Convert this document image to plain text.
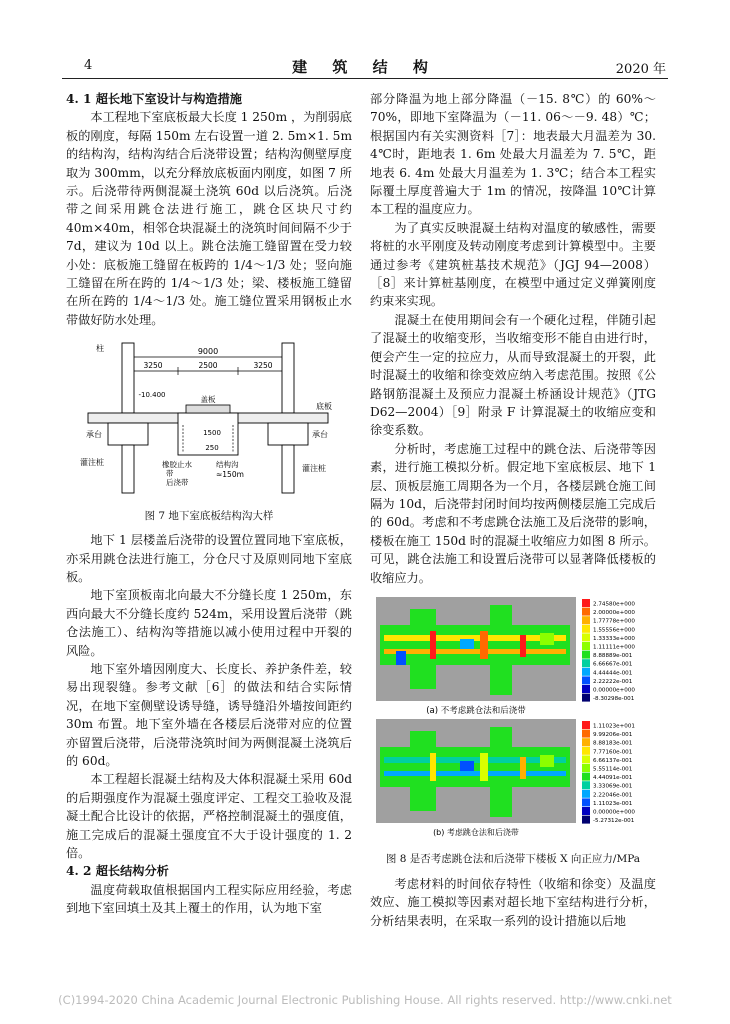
4	建 筑 结 构	2020 年
4. 1 超长地下室设计与构造措施

本工程地下室底板最大长度 1 250m ，为削弱底板的刚度，每隔 150m 左右设置一道 2. 5m×1. 5m 的结构沟，结构沟结合后浇带设置；结构沟侧壁厚度取为 300mm，以充分释放底板面内刚度，如图 7 所示。后浇带待两侧混凝土浇筑 60d 以后浇筑。后浇带之间采用跳仓法进行施工，跳仓区块尺寸约 40m×40m，相邻仓块混凝土的浇筑时间间隔不少于 7d，建议为 10d 以上。跳仓法施工缝留置在受力较小处：底板施工缝留在板跨的 1/4～1/3 处；竖向施工缝留在所在跨的 1/4～1/3 处；梁、楼板施工缝留在所在跨的 1/4～1/3 处。施工缝位置采用钢板止水带做好防水处理。

9000
3250	2500	3250
盖板
-10.400
1500
250
柱
底板
承台	承台
灌注桩
灌注桩
橡胶止水
带
后浇带
结构沟
≈150m
图 7 地下室底板结构沟大样

地下 1 层楼盖后浇带的设置位置同地下室底板，亦采用跳仓法进行施工，分仓尺寸及原则同地下室底板。

地下室顶板南北向最大不分缝长度 1 250m，东西向最大不分缝长度约 524m，采用设置后浇带（跳仓法施工）、结构沟等措施以减小使用过程中开裂的风险。

地下室外墙因刚度大、长度长、养护条件差，较易出现裂缝。参考文献［6］的做法和结合实际情况，在地下室侧壁设诱导缝，诱导缝沿外墙按间距约 30m 布置。地下室外墙在各楼层后浇带对应的位置亦留置后浇带，后浇带浇筑时间为两侧混凝土浇筑后的 60d。

本工程超长混凝土结构及大体积混凝土采用 60d 的后期强度作为混凝土强度评定、工程交工验收及混凝土配合比设计的依据，严格控制混凝土的强度值，施工完成后的混凝土强度宜不大于设计强度的 1. 2 倍。

4. 2 超长结构分析

温度荷载取值根据国内工程实际应用经验，考虑到地下室回填土及其上覆土的作用，认为地下室

部分降温为地上部分降温（－15. 8℃）的 60%～70%，即地下室降温为（－11. 06～－9. 48）℃；根据国内有关实测资料［7］：地表最大月温差为 30. 4℃时，距地表 1. 6m 处最大月温差为 7. 5℃，距地表 6. 4m 处最大月温差为 1. 3℃；结合本工程实际覆土厚度普遍大于 1m 的情况，按降温 10℃计算本工程的温度应力。

为了真实反映混凝土结构对温度的敏感性，需要将桩的水平刚度及转动刚度考虑到计算模型中。主要通过参考《建筑桩基技术规范》（JGJ 94—2008）［8］来计算桩基刚度，在模型中通过定义弹簧刚度约束来实现。

混凝土在使用期间会有一个硬化过程，伴随引起了混凝土的收缩变形，当收缩变形不能自由进行时，便会产生一定的拉应力，从而导致混凝土的开裂，此时混凝土的收缩和徐变效应纳入考虑范围。按照《公路钢筋混凝土及预应力混凝土桥涵设计规范》（JTG D62—2004）［9］附录 F 计算混凝土的收缩应变和徐变系数。

分析时，考虑施工过程中的跳仓法、后浇带等因素，进行施工模拟分析。假定地下室底板层、地下 1 层、顶板层施工周期各为一个月，各楼层跳仓施工间隔为 10d，后浇带封闭时间均按两侧楼层施工完成后的 60d。考虑和不考虑跳仓法施工及后浇带的影响，楼板在施工 150d 时的混凝土收缩应力如图 8 所示。可见，跳仓法施工和设置后浇带可以显著降低楼板的收缩应力。

2.74580e+000
2.00000e+000
1.77778e+000
1.55556e+000
1.33333e+000
1.11111e+000
8.88889e-001
6.66667e-001
4.44444e-001
2.22222e-001
0.00000e+000
-8.30298e-001
(a) 不考虑跳仓法和后浇带
1.11023e+001
9.99206e-001
8.88183e-001
7.77160e-001
6.66137e-001
5.55114e-001
4.44091e-001
3.33069e-001
2.22046e-001
1.11023e-001
0.00000e+000
-5.27312e-001
(b) 考虑跳仓法和后浇带
图 8 是否考虑跳仓法和后浇带下楼板 X 向正应力/MPa

考虑材料的时间依存特性（收缩和徐变）及温度效应、施工模拟等因素对超长地下室结构进行分析，分析结果表明，在采取一系列的设计措施以后地

(C)1994-2020 China Academic Journal Electronic Publishing House. All rights reserved. http://www.cnki.net
